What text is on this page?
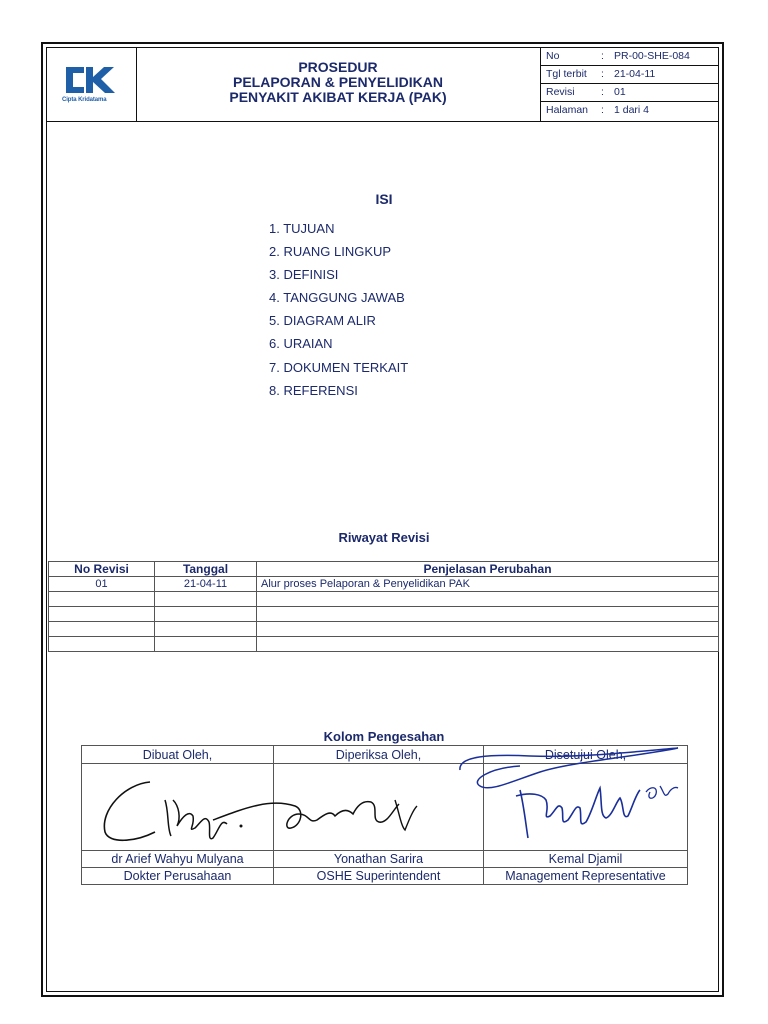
Cipta Kridatama
PROSEDUR
PELAPORAN & PENYELIDIKAN
PENYAKIT AKIBAT KERJA (PAK)
No	: PR-00-SHE-084
Tgl terbit : 21-04-11
Revisi	: 01
Halaman : 1 dari 4
ISI
1. TUJUAN
2. RUANG LINGKUP
3. DEFINISI
4. TANGGUNG JAWAB
5. DIAGRAM ALIR
6. URAIAN
7. DOKUMEN TERKAIT
8. REFERENSI
Riwayat Revisi
No Revisi	Tanggal	Penjelasan Perubahan
01	21-04-11	Alur proses Pelaporan & Penyelidikan PAK

Kolom Pengesahan
Dibuat Oleh,	Diperiksa Oleh,	Disetujui Oleh,

dr Arief Wahyu Mulyana	Yonathan Sarira	Kemal Djamil
Dokter Perusahaan	OSHE Superintendent	Management Representative
